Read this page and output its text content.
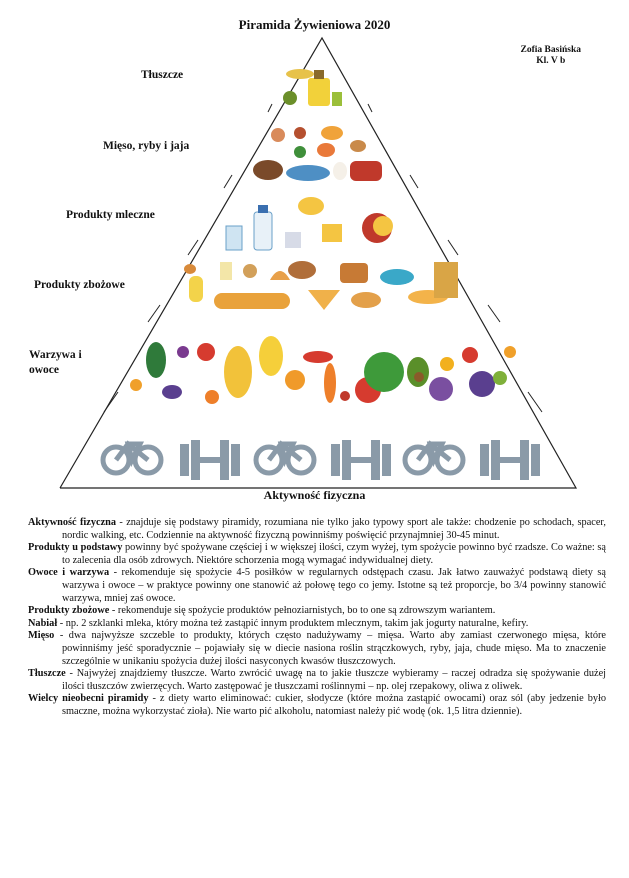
Piramida Żywieniowa 2020
Zofia Basińska
Kl. V b
Tłuszcze
Mięso, ryby i jaja
Produkty mleczne
Produkty zbożowe
Warzywa i
owoce
Aktywność fizyczna

Aktywność fizyczna - znajduje się podstawy piramidy, rozumiana nie tylko jako typowy sport ale także: chodzenie po schodach, spacer, nordic walking, etc. Codziennie na aktywność fizyczną powinniśmy poświęcić przynajmniej 30-45 minut.

Produkty u podstawy powinny być spożywane częściej i w większej ilości, czym wyżej, tym spożycie powinno być rzadsze. Co ważne: są to zalecenia dla osób zdrowych. Niektóre schorzenia mogą wymagać indywidualnej diety.

Owoce i warzywa - rekomenduje się spożycie 4-5 posiłków w regularnych odstępach czasu. Jak łatwo zauważyć podstawą diety są warzywa i owoce – w praktyce powinny one stanowić aż połowę tego co jemy. Istotne są też proporcje, bo 3/4 powinny stanowić warzywa, mniej zaś owoce.

Produkty zbożowe - rekomenduje się spożycie produktów pełnoziarnistych, bo to one są zdrowszym wariantem.

Nabiał - np. 2 szklanki mleka, który można też zastąpić innym produktem mlecznym, takim jak jogurty naturalne, kefiry.

Mięso - dwa najwyższe szczeble to produkty, których często nadużywamy – mięsa. Warto aby zamiast czerwonego mięsa, które powinniśmy jeść sporadycznie – pojawiały się w diecie nasiona roślin strączkowych, ryby, jaja, chude mięso. Ma to znaczenie szczególnie w unikaniu spożycia dużej ilości nasyconych kwasów tłuszczowych.

Tłuszcze - Najwyżej znajdziemy tłuszcze. Warto zwrócić uwagę na to jakie tłuszcze wybieramy – raczej odradza się spożywanie dużej ilości tłuszczów zwierzęcych. Warto zastępować je tłuszczami roślinnymi – np. olej rzepakowy, oliwa z oliwek.

Wielcy nieobecni piramidy - z diety warto eliminować: cukier, słodycze (które można zastąpić owocami) oraz sól (aby jedzenie było smaczne, można wykorzystać zioła). Nie warto pić alkoholu, natomiast należy pić wodę (ok. 1,5 litra dziennie).
